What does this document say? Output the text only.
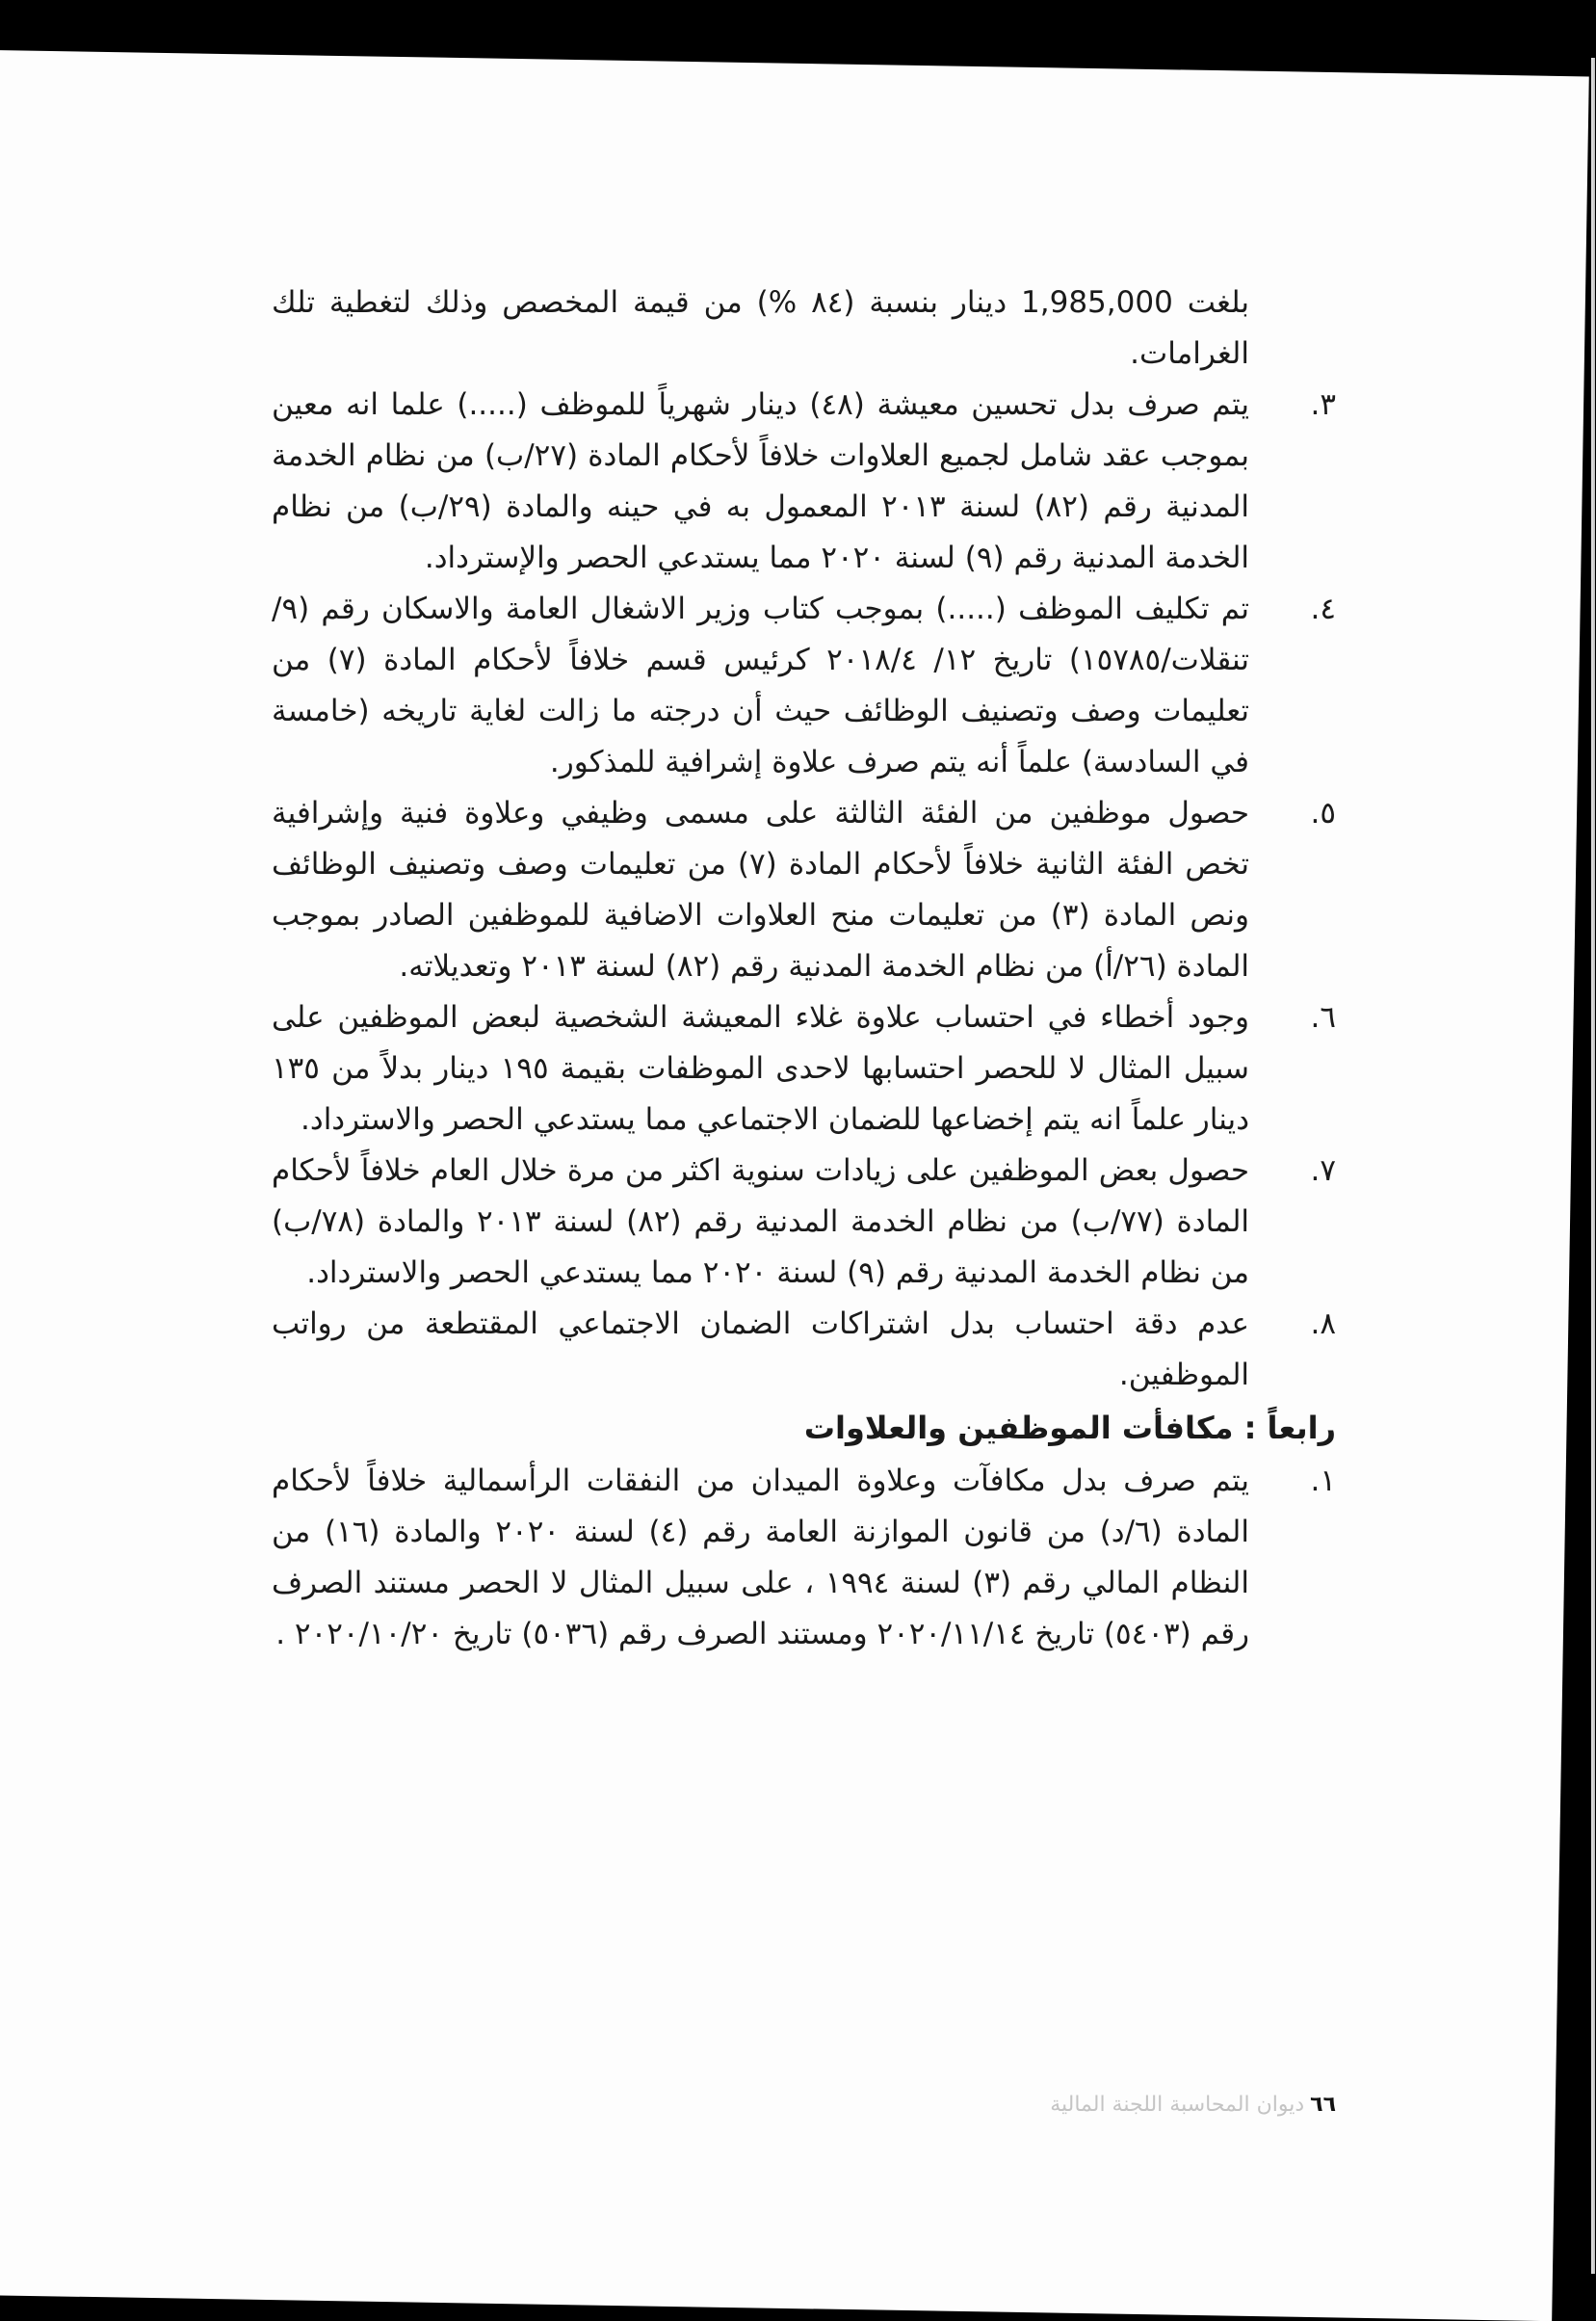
بلغت 1,985,000 دينار بنسبة (٨٤ %) من قيمة المخصص وذلك لتغطية تلك الغرامات.

٣.
يتم صرف بدل تحسين معيشة (٤٨) دينار شهرياً للموظف (.....) علما انه معين بموجب عقد شامل لجميع العلاوات خلافاً لأحكام المادة (٢٧/ب) من نظام الخدمة المدنية رقم (٨٢) لسنة ٢٠١٣ المعمول به في حينه والمادة (٢٩/ب) من نظام الخدمة المدنية رقم (٩) لسنة ٢٠٢٠ مما يستدعي الحصر والإسترداد.
٤.
تم تكليف الموظف (.....) بموجب كتاب وزير الاشغال العامة والاسكان رقم (٩/تنقلات/١٥٧٨٥) تاريخ ١٢/ ٢٠١٨/٤ كرئيس قسم خلافاً لأحكام المادة (٧) من تعليمات وصف وتصنيف الوظائف حيث أن درجته ما زالت لغاية تاريخه (خامسة في السادسة) علماً أنه يتم صرف علاوة إشرافية للمذكور.
٥.
حصول موظفين من الفئة الثالثة على مسمى وظيفي وعلاوة فنية وإشرافية تخص الفئة الثانية خلافاً لأحكام المادة (٧) من تعليمات وصف وتصنيف الوظائف ونص المادة (٣) من تعليمات منح العلاوات الاضافية للموظفين الصادر بموجب المادة (٢٦/أ) من نظام الخدمة المدنية رقم (٨٢) لسنة ٢٠١٣ وتعديلاته.
٦.
وجود أخطاء في احتساب علاوة غلاء المعيشة الشخصية لبعض الموظفين على سبيل المثال لا للحصر احتسابها لاحدى الموظفات بقيمة ١٩٥ دينار بدلاً من ١٣٥ دينار علماً انه يتم إخضاعها للضمان الاجتماعي مما يستدعي الحصر والاسترداد.
٧.
حصول بعض الموظفين على زيادات سنوية اكثر من مرة خلال العام خلافاً لأحكام المادة (٧٧/ب) من نظام الخدمة المدنية رقم (٨٢) لسنة ٢٠١٣ والمادة (٧٨/ب) من نظام الخدمة المدنية رقم (٩) لسنة ٢٠٢٠ مما يستدعي الحصر والاسترداد.
٨.
عدم دقة احتساب بدل اشتراكات الضمان الاجتماعي المقتطعة من رواتب الموظفين.
رابعاً : مكافأت الموظفين والعلاوات
١.
يتم صرف بدل مكافآت وعلاوة الميدان من النفقات الرأسمالية خلافاً لأحكام المادة (٦/د) من قانون الموازنة العامة رقم (٤) لسنة ٢٠٢٠ والمادة (١٦) من النظام المالي رقم (٣) لسنة ١٩٩٤ ، على سبيل المثال لا الحصر مستند الصرف رقم (٥٤٠٣) تاريخ ٢٠٢٠/١١/١٤ ومستند الصرف رقم (٥٠٣٦) تاريخ ٢٠٢٠/١٠/٢٠ .
٦٦ديوان المحاسبة اللجنة المالية
